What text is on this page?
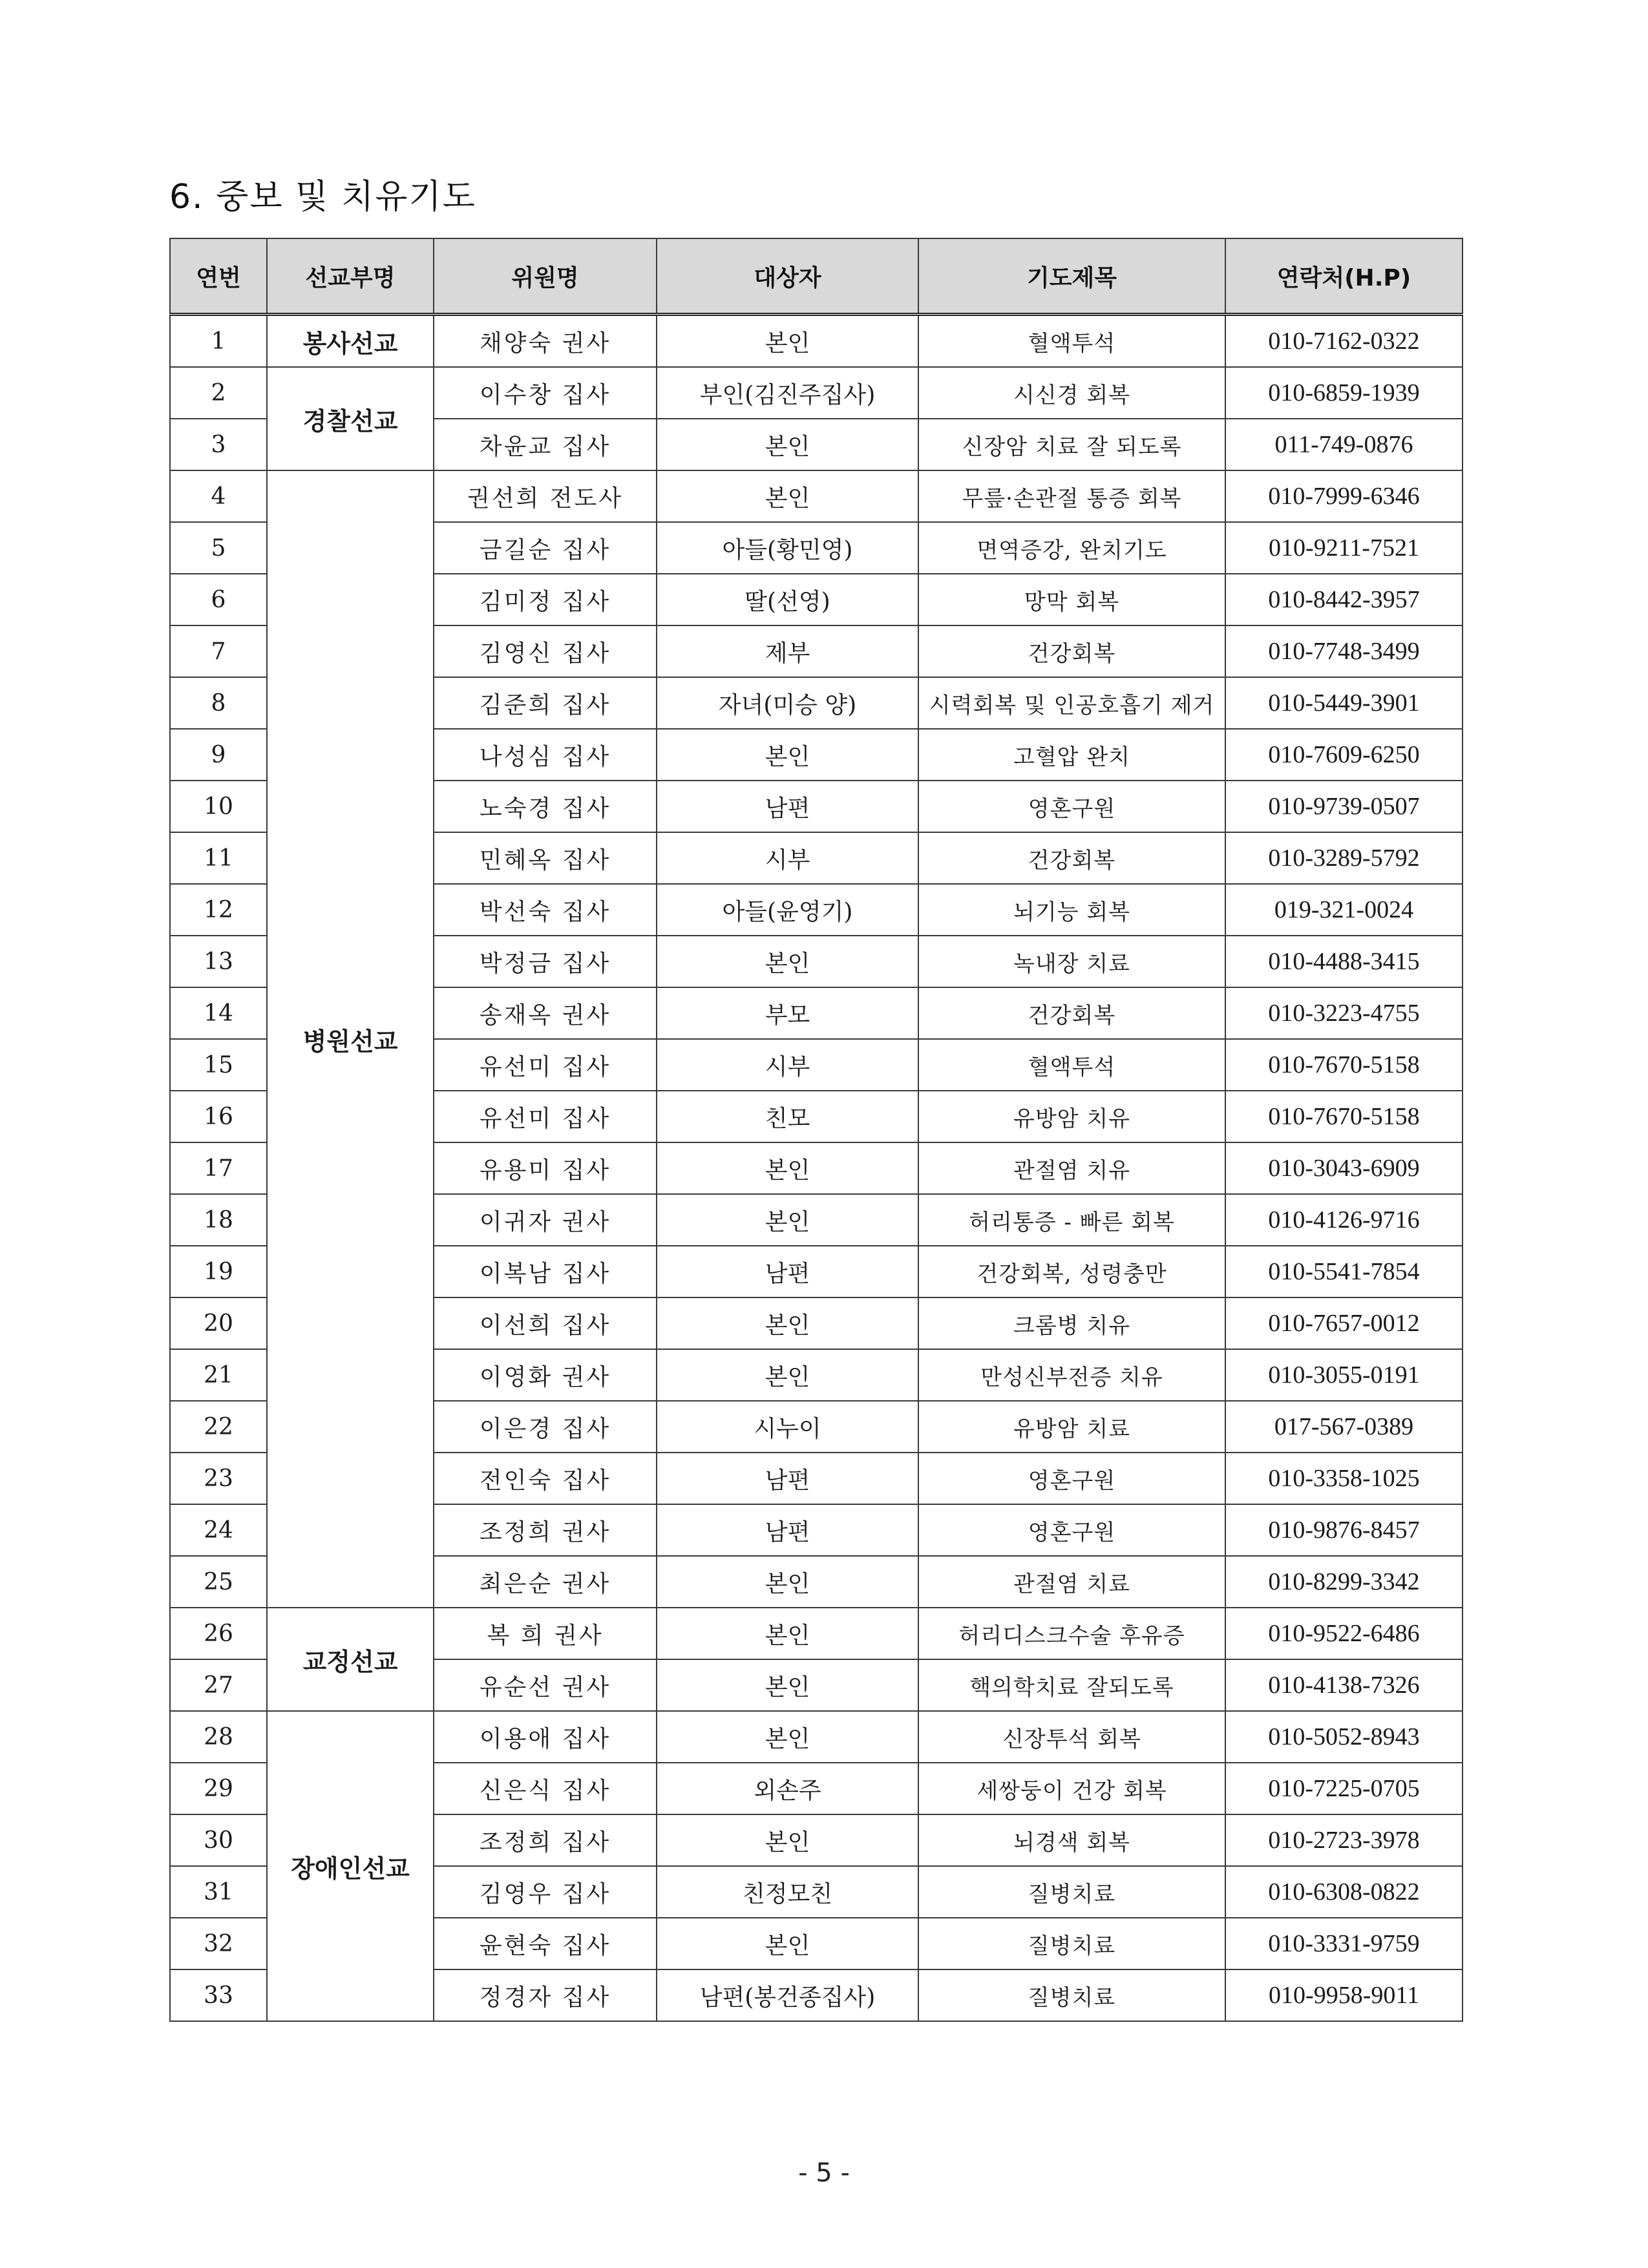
6. 중보 및 치유기도
연번	선교부명	위원명	대상자	기도제목	연락처(H.P)
1	봉사선교	채양숙 권사	본인	혈액투석	010-7162-0322
2	경찰선교	이수창 집사	부인(김진주집사)	시신경 회복	010-6859-1939
3		차윤교 집사	본인	신장암 치료 잘 되도록	011-749-0876
4	병원선교	권선희 전도사	본인	무릎·손관절 통증 회복	010-7999-6346
5		금길순 집사	아들(황민영)	면역증강, 완치기도	010-9211-7521
6		김미정 집사	딸(선영)	망막 회복	010-8442-3957
7		김영신 집사	제부	건강회복	010-7748-3499
8		김준희 집사	자녀(미승 양)	시력회복 및 인공호흡기 제거	010-5449-3901
9		나성심 집사	본인	고혈압 완치	010-7609-6250
10		노숙경 집사	남편	영혼구원	010-9739-0507
11		민혜옥 집사	시부	건강회복	010-3289-5792
12		박선숙 집사	아들(윤영기)	뇌기능 회복	019-321-0024
13		박정금 집사	본인	녹내장 치료	010-4488-3415
14		송재옥 권사	부모	건강회복	010-3223-4755
15		유선미 집사	시부	혈액투석	010-7670-5158
16		유선미 집사	친모	유방암 치유	010-7670-5158
17		유용미 집사	본인	관절염 치유	010-3043-6909
18		이귀자 권사	본인	허리통증 - 빠른 회복	010-4126-9716
19		이복남 집사	남편	건강회복, 성령충만	010-5541-7854
20		이선희 집사	본인	크롬병 치유	010-7657-0012
21		이영화 권사	본인	만성신부전증 치유	010-3055-0191
22		이은경 집사	시누이	유방암 치료	017-567-0389
23		전인숙 집사	남편	영혼구원	010-3358-1025
24		조정희 권사	남편	영혼구원	010-9876-8457
25		최은순 권사	본인	관절염 치료	010-8299-3342
26	교정선교	복 희 권사	본인	허리디스크수술 후유증	010-9522-6486
27		유순선 권사	본인	핵의학치료 잘되도록	010-4138-7326
28	장애인선교	이용애 집사	본인	신장투석 회복	010-5052-8943
29		신은식 집사	외손주	세쌍둥이 건강 회복	010-7225-0705
30		조정희 집사	본인	뇌경색 회복	010-2723-3978
31		김영우 집사	친정모친	질병치료	010-6308-0822
32		윤현숙 집사	본인	질병치료	010-3331-9759
33		정경자 집사	남편(봉건종집사)	질병치료	010-9958-9011
- 5 -
